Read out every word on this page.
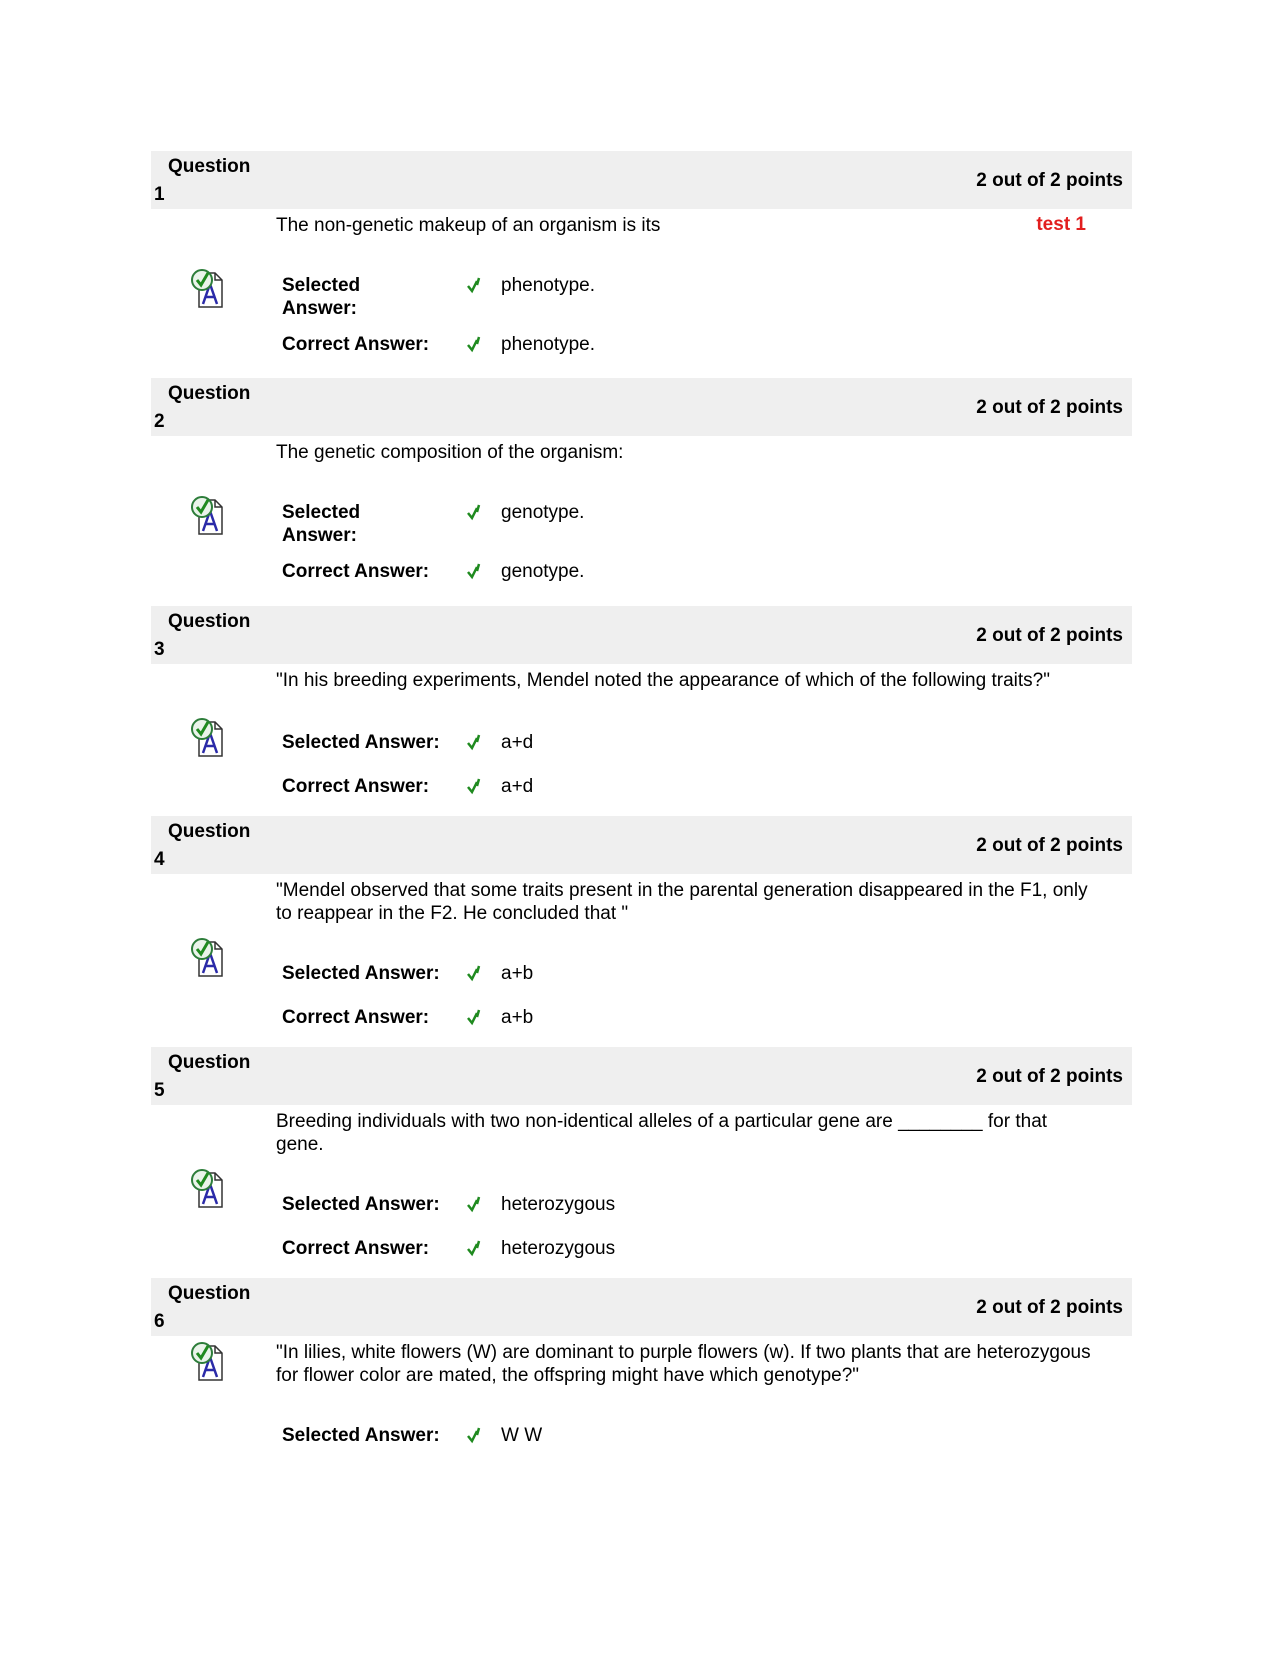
Question
1
2 out of 2 points
The non-genetic makeup of an organism is its	test 1
Selected Answer:
phenotype.
Correct Answer:	phenotype.
Question
2
2 out of 2 points
The genetic composition of the organism:
Selected Answer:
genotype.
Correct Answer:	genotype.
Question
3
2 out of 2 points
"In his breeding experiments, Mendel noted the appearance of which of the following traits?"
Selected Answer:	a+d
Correct Answer:	a+d
Question
4
2 out of 2 points
"Mendel observed that some traits present in the parental generation disappeared in the F1, only to reappear in the F2. He concluded that "
Selected Answer:	a+b
Correct Answer:	a+b
Question
5
2 out of 2 points
Breeding individuals with two non-identical alleles of a particular gene are ________ for that gene.
Selected Answer:	heterozygous
Correct Answer:	heterozygous
Question
6
2 out of 2 points
"In lilies, white flowers (W) are dominant to purple flowers (w). If two plants that are heterozygous for flower color are mated, the offspring might have which genotype?"
Selected Answer:	W W
